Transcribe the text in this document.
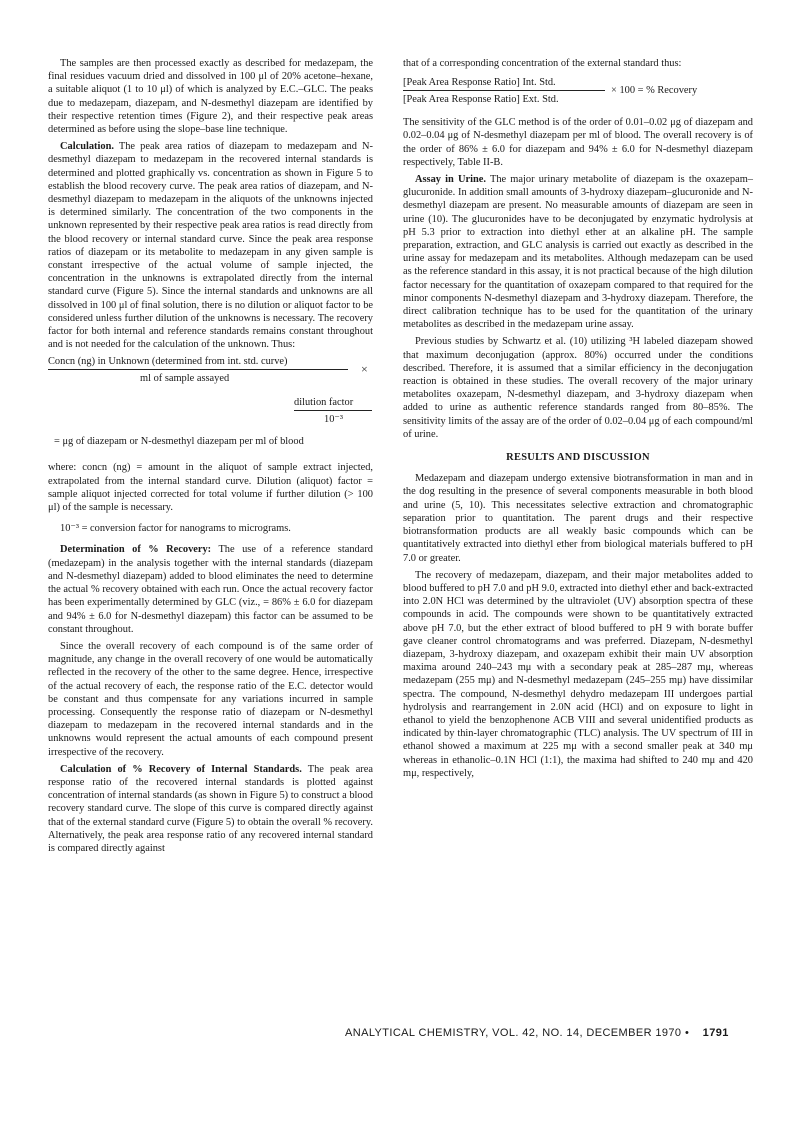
The samples are then processed exactly as described for medazepam, the final residues vacuum dried and dissolved in 100 μl of 20% acetone–hexane, a suitable aliquot (1 to 10 μl) of which is analyzed by E.C.–GLC. The peaks due to medazepam, diazepam, and N-desmethyl diazepam are identified by their respective retention times (Figure 2), and their respective peak areas determined as before using the slope–base line technique.

Calculation. The peak area ratios of diazepam to medazepam and N-desmethyl diazepam to medazepam in the recovered internal standards is determined and plotted graphically vs. concentration as shown in Figure 5 to establish the blood recovery curve. The peak area ratios of diazepam, and N-desmethyl diazepam to medazepam in the aliquots of the unknowns injected is determined similarly. The concentration of the two components in the unknown represented by their respective peak area ratios is read directly from the blood recovery or internal standard curve. Since the peak area response ratios of diazepam or its metabolite to medazepam in any given sample is constant irrespective of the actual volume of sample injected, the concentration in the unknowns is extrapolated directly from the internal standard curve (Figure 5). Since the internal standards and unknowns are all dissolved in 100 μl of final solution, there is no dilution or aliquot factor to be considered unless further dilution of the unknowns is necessary. The recovery factor for both internal and reference standards remains constant throughout and is not needed for the calculation of the unknown. Thus:

Concn (ng) in Unknown (determined from int. std. curve)
ml of sample assayed
×
dilution factor
10⁻³
= μg of diazepam or N-desmethyl diazepam per ml of blood

where: concn (ng) = amount in the aliquot of sample extract injected, extrapolated from the internal standard curve. Dilution (aliquot) factor = sample aliquot injected corrected for total volume if further dilution (> 100 μl) of the sample is necessary.

10⁻³ = conversion factor for nanograms to micrograms.

Determination of % Recovery: The use of a reference standard (medazepam) in the analysis together with the internal standards (diazepam and N-desmethyl diazepam) added to blood eliminates the need to determine the actual % recovery obtained with each run. Once the actual recovery factor has been experimentally determined by GLC (viz., = 86% ± 6.0 for diazepam and 94% ± 6.0 for N-desmethyl diazepam) this factor can be assumed to be constant throughout.

Since the overall recovery of each compound is of the same order of magnitude, any change in the overall recovery of one would be automatically reflected in the recovery of the other to the same degree. Hence, irrespective of the actual recovery of each, the response ratio of the E.C. detector would be constant and thus compensate for any variations incurred in sample processing. Consequently the response ratio of diazepam or N-desmethyl diazepam to medazepam in the recovered internal standards and in the unknowns would represent the actual amounts of each compound present irrespective of the recovery.

Calculation of % Recovery of Internal Standards. The peak area response ratio of the recovered internal standards is plotted against concentration of internal standards (as shown in Figure 5) to construct a blood recovery standard curve. The slope of this curve is compared directly against that of the external standard curve (Figure 5) to obtain the overall % recovery. Alternatively, the peak area response ratio of any recovered internal standard is compared directly against

that of a corresponding concentration of the external standard thus:

[Peak Area Response Ratio] Int. Std.
[Peak Area Response Ratio] Ext. Std.
× 100 = % Recovery

The sensitivity of the GLC method is of the order of 0.01–0.02 μg of diazepam and 0.02–0.04 μg of N-desmethyl diazepam per ml of blood. The overall recovery is of the order of 86% ± 6.0 for diazepam and 94% ± 6.0 for N-desmethyl diazepam respectively, Table II-B.

Assay in Urine. The major urinary metabolite of diazepam is the oxazepam–glucuronide. In addition small amounts of 3-hydroxy diazepam–glucuronide and N-desmethyl diazepam are present. No measurable amounts of diazepam are seen in urine (10). The glucuronides have to be deconjugated by enzymatic hydrolysis at pH 5.3 prior to extraction into diethyl ether at an alkaline pH. The sample preparation, extraction, and GLC analysis is carried out exactly as described in the urine assay for medazepam and its metabolites. Although medazepam can be used as the reference standard in this assay, it is not practical because of the high dilution factor necessary for the quantitation of oxazepam compared to that required for the minor components N-desmethyl diazepam and 3-hydroxy diazepam. Therefore, the direct calibration technique has to be used for the quantitation of the urinary metabolites as described in the medazepam urine assay.

Previous studies by Schwartz et al. (10) utilizing ³H labeled diazepam showed that maximum deconjugation (approx. 80%) occurred under the conditions described. Therefore, it is assumed that a similar efficiency in the deconjugation reaction is obtained in these studies. The overall recovery of the major urinary metabolites oxazepam, N-desmethyl diazepam, and 3-hydroxy diazepam when added to urine as authentic reference standards ranged from 80–85%. The sensitivity limits of the assay are of the order of 0.02–0.04 μg of each compound/ml of urine.

RESULTS AND DISCUSSION

Medazepam and diazepam undergo extensive biotransformation in man and in the dog resulting in the presence of several components measurable in both blood and urine (5, 10). This necessitates selective extraction and chromatographic separation prior to quantitation. The parent drugs and their respective biotransformation products are all weakly basic compounds which can be quantitatively extracted into diethyl ether from biological materials buffered to pH 7.0 or greater.

The recovery of medazepam, diazepam, and their major metabolites added to blood buffered to pH 7.0 and pH 9.0, extracted into diethyl ether and back-extracted into 2.0N HCl was determined by the ultraviolet (UV) absorption spectra of these compounds in acid. The compounds were shown to be quantitatively extracted above pH 7.0, but the ether extract of blood buffered to pH 9 with borate buffer gave cleaner control chromatograms and was preferred. Diazepam, N-desmethyl diazepam, 3-hydroxy diazepam, and oxazepam exhibit their main UV absorption maxima around 240–243 mμ with a secondary peak at 285–287 mμ, whereas medazepam (255 mμ) and N-desmethyl medazepam (245–255 mμ) have dissimilar spectra. The compound, N-desmethyl dehydro medazepam III undergoes partial hydrolysis and rearrangement in 2.0N acid (HCl) and on exposure to light in ethanol to yield the benzophenone ACB VIII and several unidentified products as indicated by thin-layer chromatographic (TLC) analysis. The UV spectrum of III in ethanol showed a maximum at 225 mμ with a second smaller peak at 340 mμ whereas in ethanolic–0.1N HCl (1:1), the maxima had shifted to 240 mμ and 420 mμ, respectively,

ANALYTICAL CHEMISTRY, VOL. 42, NO. 14, DECEMBER 1970 • 1791
